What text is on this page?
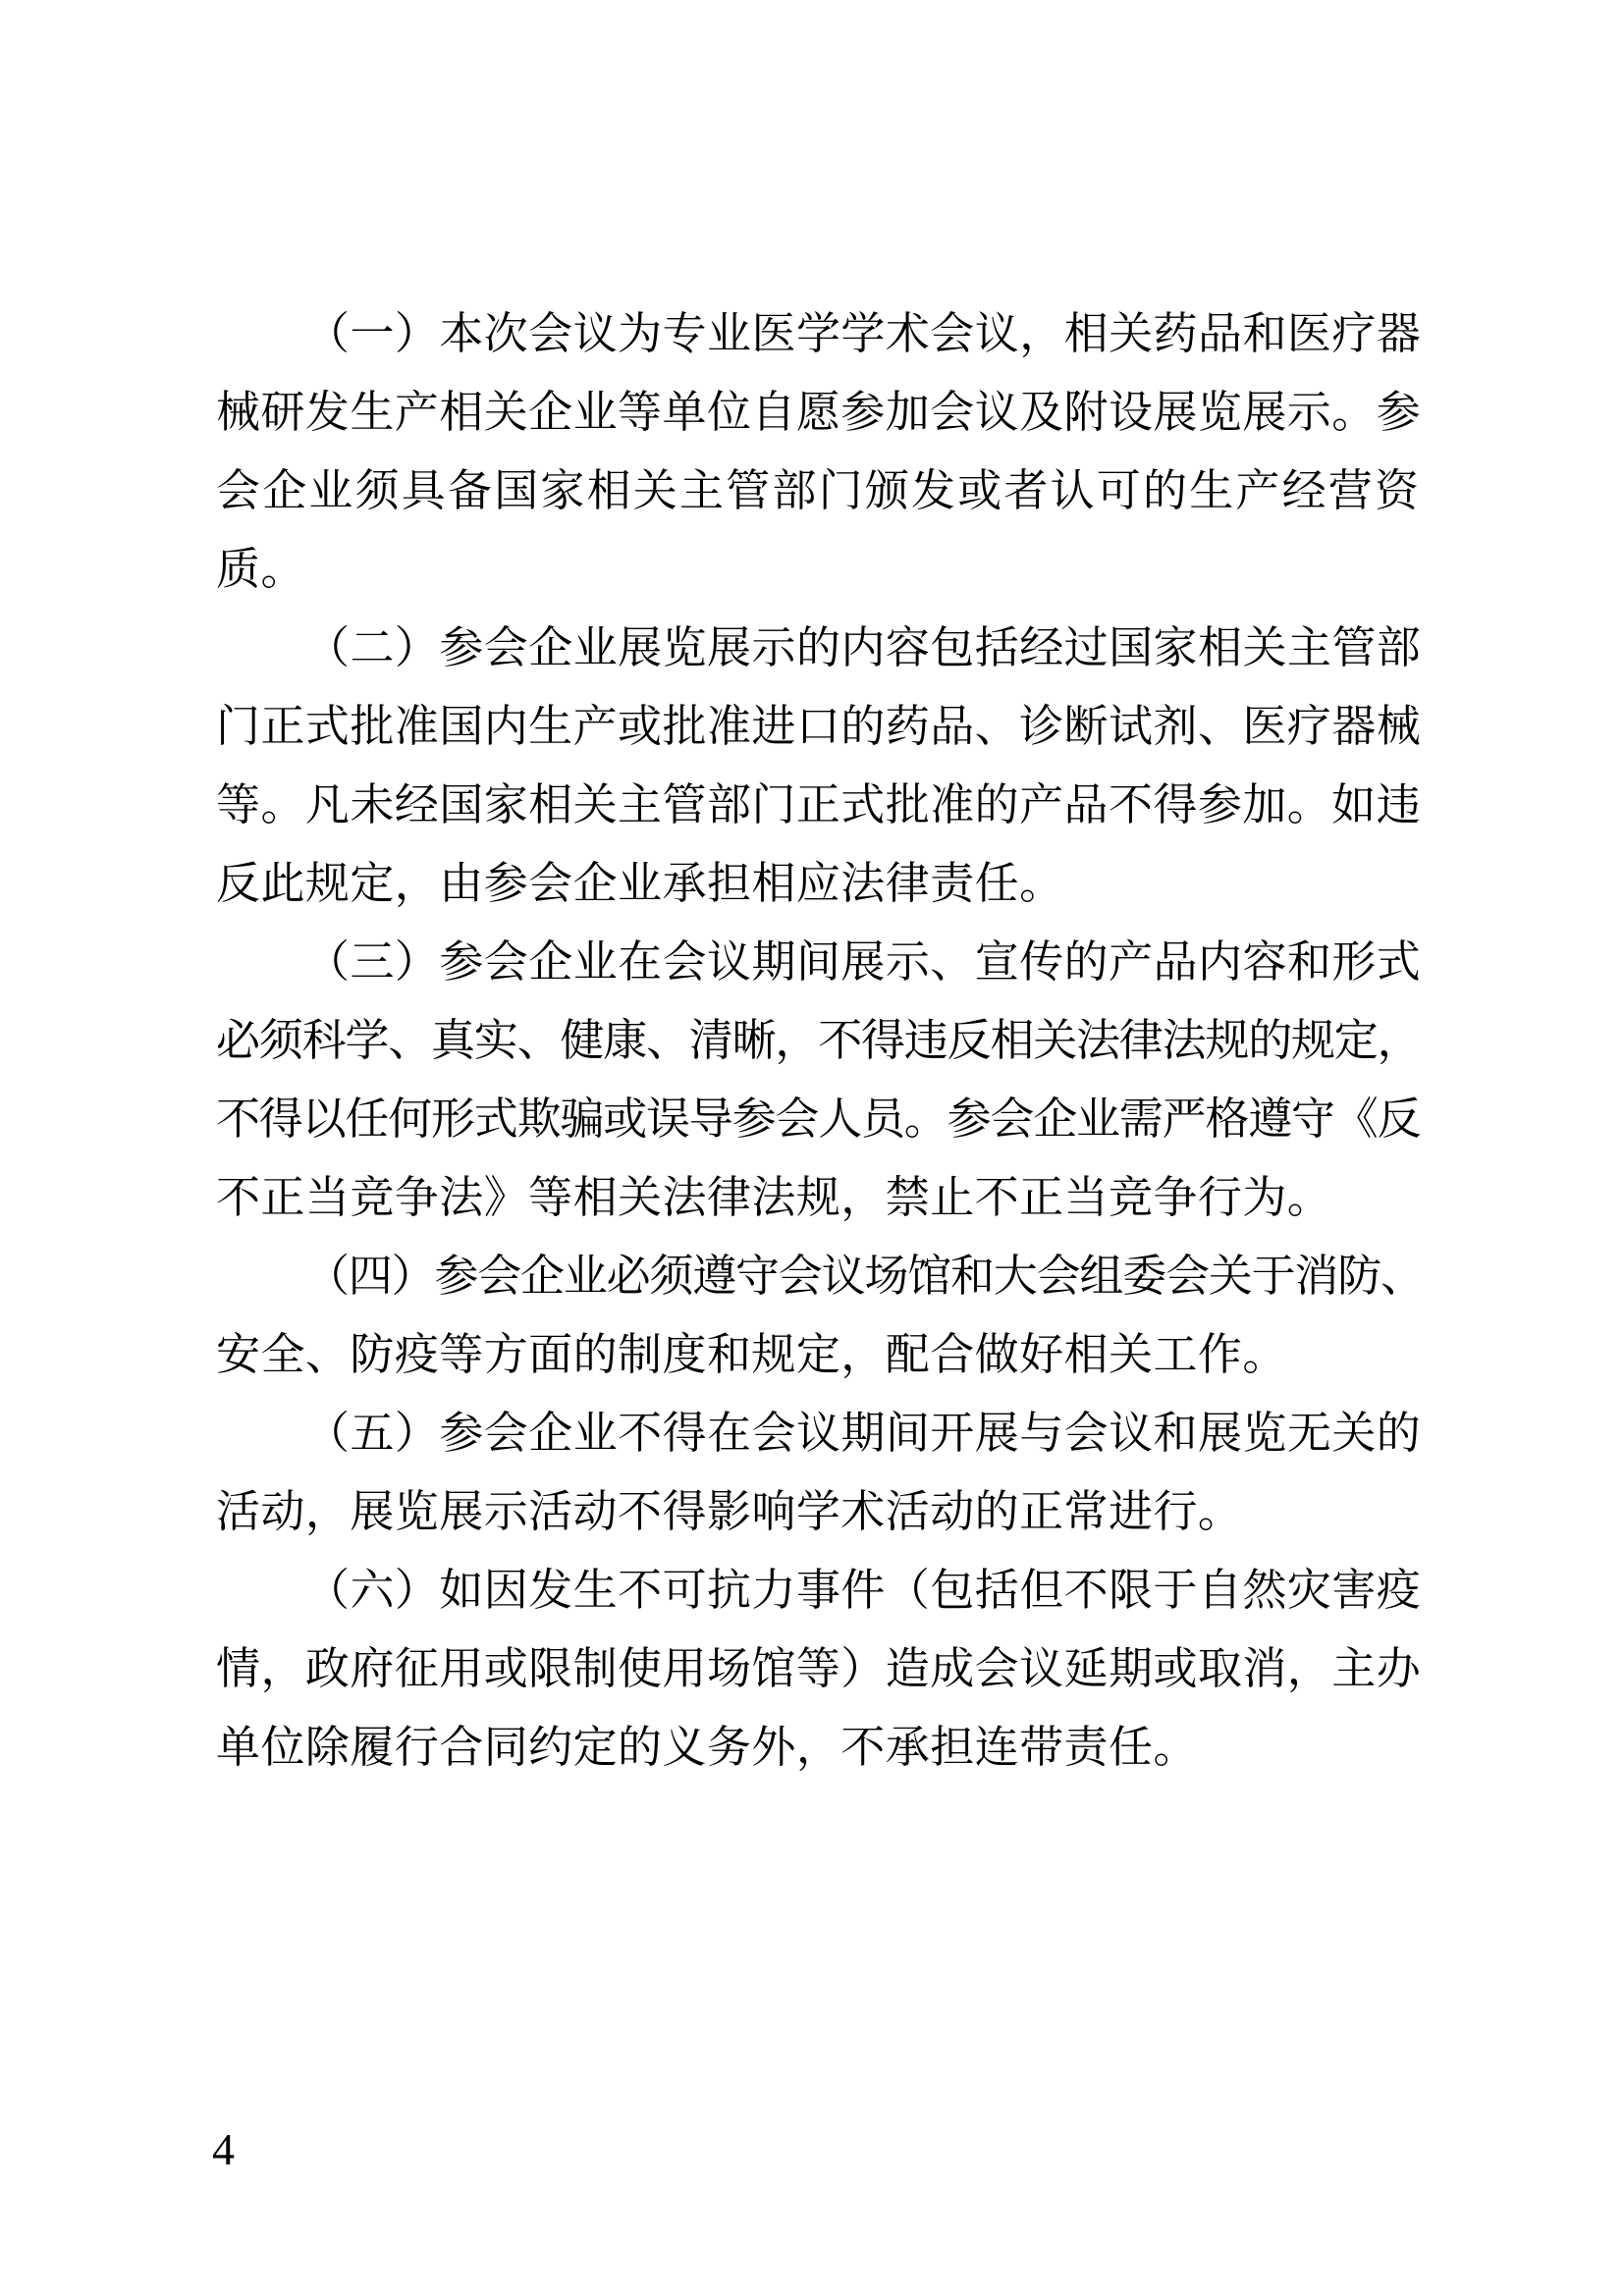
（一）本次会议为专业医学学术会议，相关药品和医疗器
械研发生产相关企业等单位自愿参加会议及附设展览展示。参
会企业须具备国家相关主管部门颁发或者认可的生产经营资
质。
（二）参会企业展览展示的内容包括经过国家相关主管部
门正式批准国内生产或批准进口的药品、诊断试剂、医疗器械
等。凡未经国家相关主管部门正式批准的产品不得参加。如违
反此规定，由参会企业承担相应法律责任。
（三）参会企业在会议期间展示、宣传的产品内容和形式
必须科学、真实、健康、清晰，不得违反相关法律法规的规定，
不得以任何形式欺骗或误导参会人员。参会企业需严格遵守《反
不正当竞争法》等相关法律法规，禁止不正当竞争行为。
（四）参会企业必须遵守会议场馆和大会组委会关于消防、
安全、防疫等方面的制度和规定，配合做好相关工作。
（五）参会企业不得在会议期间开展与会议和展览无关的
活动，展览展示活动不得影响学术活动的正常进行。
（六）如因发生不可抗力事件（包括但不限于自然灾害疫
情，政府征用或限制使用场馆等）造成会议延期或取消，主办
单位除履行合同约定的义务外，不承担连带责任。
4
